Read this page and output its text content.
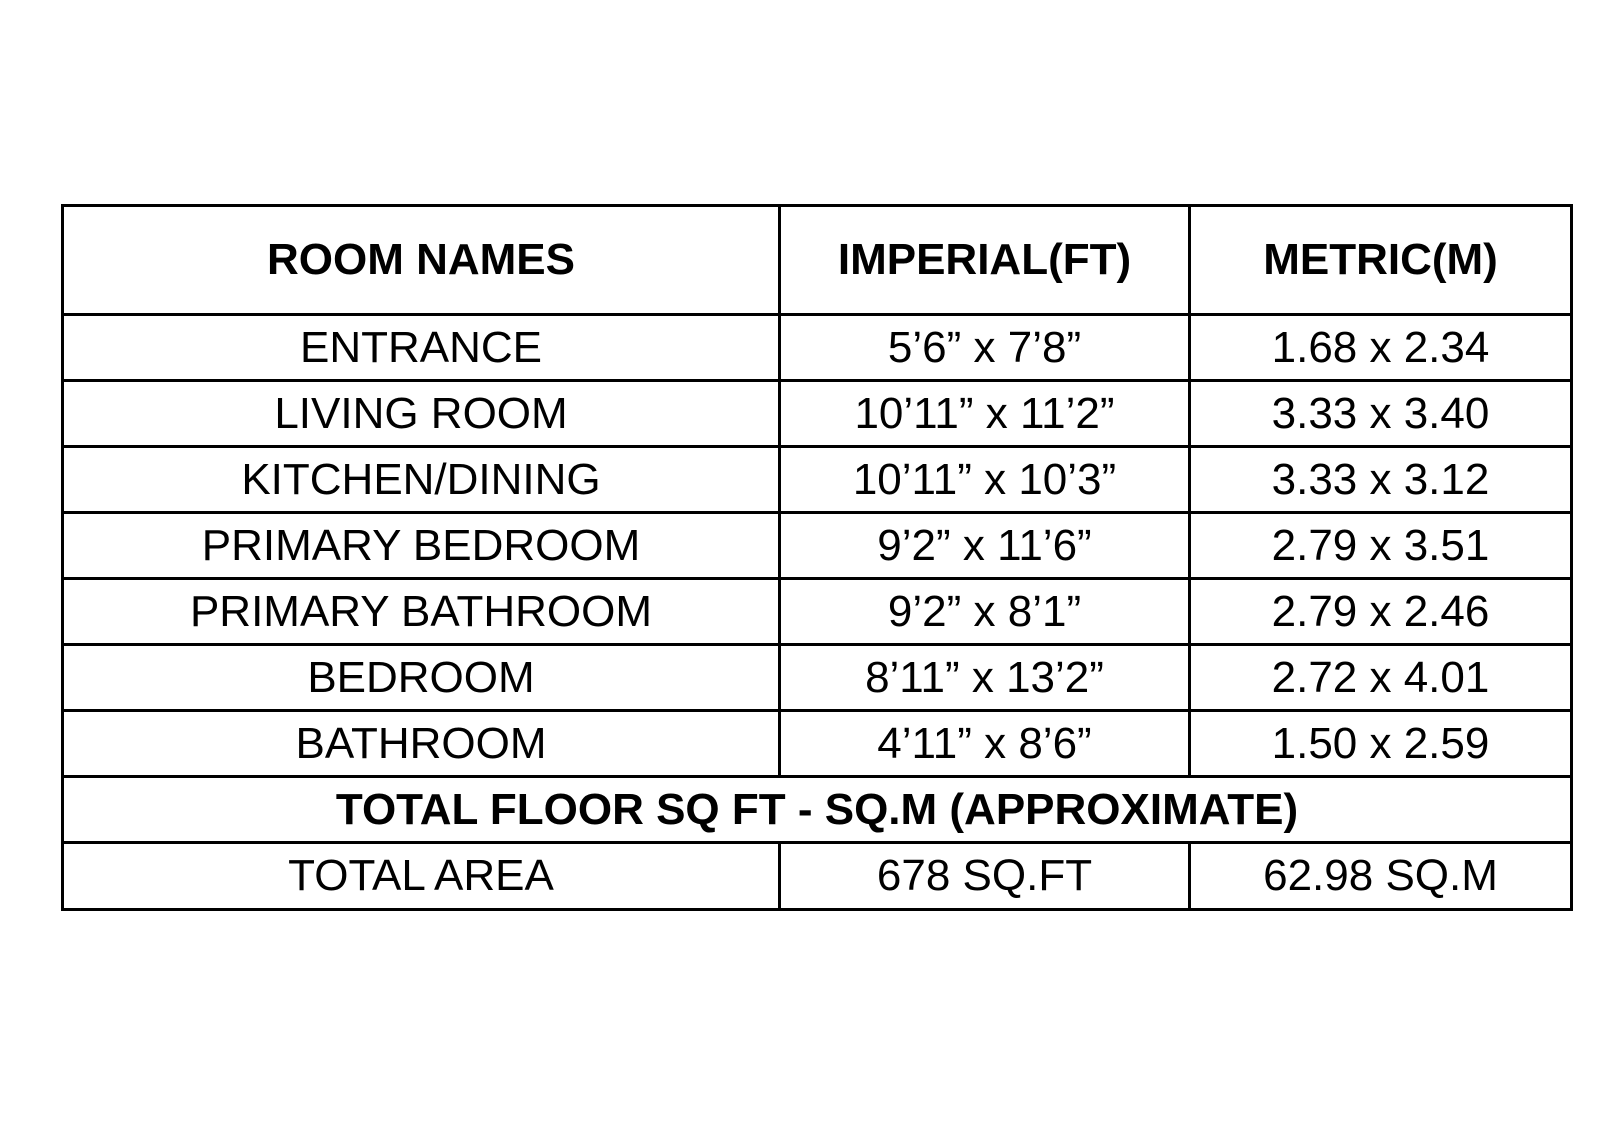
ROOM NAMES	IMPERIAL(FT)	METRIC(M)
ENTRANCE	5’6” x 7’8”	1.68 x 2.34
LIVING ROOM	10’11” x 11’2”	3.33 x 3.40
KITCHEN/DINING	10’11” x 10’3”	3.33 x 3.12
PRIMARY BEDROOM	9’2” x 11’6”	2.79 x 3.51
PRIMARY BATHROOM	9’2” x 8’1”	2.79 x 2.46
BEDROOM	8’11” x 13’2”	2.72 x 4.01
BATHROOM	4’11” x 8’6”	1.50 x 2.59
TOTAL FLOOR SQ FT - SQ.M (APPROXIMATE)		
TOTAL AREA	678 SQ.FT	62.98 SQ.M
